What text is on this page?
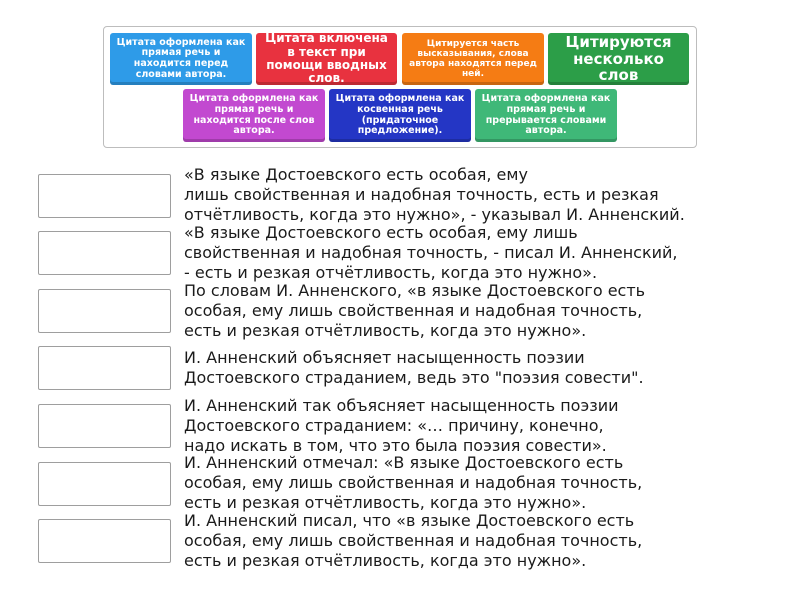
Цитата оформлена как прямая речь и находится перед словами автора.
Цитата включена в текст при помощи вводных слов.
Цитируется часть высказывания, слова автора находятся перед ней.
Цитируются несколько слов
Цитата оформлена как прямая речь и находится после слов автора.
Цитата оформлена как косвенная речь (придаточное предложение).
Цитата оформлена как прямая речь и прерывается словами автора.
«В языке Достоевского есть особая, ему
лишь свойственная и надобная точность, есть и резкая
отчётливость, когда это нужно», - указывал И. Анненский.
«В языке Достоевского есть особая, ему лишь
свойственная и надобная точность, - писал И. Анненский,
- есть и резкая отчётливость, когда это нужно».
По словам И. Анненского, «в языке Достоевского есть
особая, ему лишь свойственная и надобная точность,
есть и резкая отчётливость, когда это нужно».
И. Анненский объясняет насыщенность поэзии
Достоевского страданием, ведь это "поэзия совести".
И. Анненский так объясняет насыщенность поэзии
Достоевского страданием: «… причину, конечно,
надо искать в том, что это была поэзия совести».
И. Анненский отмечал: «В языке Достоевского есть
особая, ему лишь свойственная и надобная точность,
есть и резкая отчётливость, когда это нужно».
И. Анненский писал, что «в языке Достоевского есть
особая, ему лишь свойственная и надобная точность,
есть и резкая отчётливость, когда это нужно».
